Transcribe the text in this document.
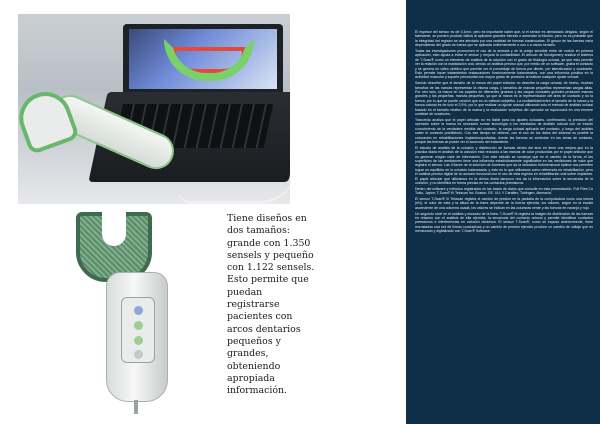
Tiene diseños en
dos tamaños:
grande con 1.350
sensels y pequeño
con 1.122 sensels.
Esto permite que
puedan registrarse
pacientes con
arcos dentarios
pequeños y
grandes,
obteniendo
apropiada
información.

El espesor del sensor es de 0,1mm, pero es importante saber que, si el sensor es demasiado delgado, según el fabricante, se pueden producir daños al aplicarse grandes fuerzas o aumentar la fricción, pero no es probable que la integridad del registro se vea afectado por una cantidad de fuerzas inadecuadas. El grosor de las fuerzas varía dependiendo del grado de fuerza que se aplicada uniformemente a uno o a varios sensels.

Todas las investigaciones promueven el uso de la sensela y de la cotejo sensible entre de noción en primera aplicación, esto ayuda a evitar el sensor y mejorar la confiabilidad. El artículo de Montgomery analiza el sistema de T-Scan® como un elemento de análisis de la oclusión con el grado de fisiología oclusal, ya que esto permite ver la relación con la masticación oral, siendo un análisis preciso que, por medio de un software, graba el contacto y se genera un video cinético que permite ver el porcentaje de fuerza por diente, por lateralización y cuadrante. Esto permite hacer tratamientos restauradores funcionalmente balanceados, con una influencia positiva en la actividad muscular y soporte periodontal con mayor grado de precisión al realizar cualquier ajuste oclusal.

Saviolo describe que el tamaño de la marca del papel articular no describe la carga oclusal, de hecho, muchas tamaños de las marcas representan la misma carga, y tamaños de marcas pequeñas representan cargas altas. Por otro lado, la marca en los papeles en diferentes gruesos y las cargas oclusales grandes producen marcas grandes y las pequeñas, marcas pequeñas, ya que la marca es la representación del área de contacto y no la fuerza, por lo que se puede concluir que es un método subjetivo. La confiabilidad entre el tamaño de la marca y la fuerza oclusal es de solo el 2,5%, por lo que realizar un ajuste oclusal utilizando solo el método de análisis oclusal basado en el tamaño relativo de la marca y la evaluación subjetiva del operador se equivocará en una enorme cantidad de ocasiones.

Trancredo analiza que el papel articular no es fiable para los ajustes oclusales, confirmando, la precisión del operador sobre la marca es necesario sumar tecnología a los resultados de análisis oclusal con un exacto conocimiento de la verdadera medida del contacto, la carga oclusal aplicada del contacto, y luego del análisis saber el contacto prohibitorio. Con ese tiempo se obtiene, con el uso de los datos del sistema es posible la colocación en rehabilitaciones implantosoportadas, donde las fuerzas se controlan en las áreas de contacto, porque las fuerzas se puede ver el acomodo del tratamiento.

El estudio de análisis de la oclusión y distribución de fuerzas dentro del arco en tiene una mejora que en la práctica diaria el análisis de la oclusión está reducido a las marcas de color producidas por el papel articular que no generan ningún valor de información. Con este estudio se concluye que en el cambio de la forma, el las superficies de las mediciones tiene una influencia estadísticamente significativa en las mediciones de valor que registra el sensor. Las ll llaves de la solución de Andrews que da la ubicación tridimensional óptima nos permiten lograr un equilibrio en la oclusión balanceada, y esto es lo que utilizamos como referencia en rehabilitación, pero el análisis preciso digital de la oclusión funcional con el uso de esta registro en rehabilitación oral sobre implantes. El papel articular que utilizamos en la clínica diaria tampoco nos da la información sobre la secuencia de la oclusión, y no identifica en forma precisa en los contactos prematuros.

Dentro del software y métodos registrados en las bases de datos que consulte en esta presentación. Full Files Co Tokio, Japón; T-Scan® III Tekscan Inc. Boston, EE. UU; Y Caraflex, Tubingen, Alemania.

El sensor T-Scan® III Tekscan registra el cambio de presión en la pantalla de la computadora como una fuerza (nN), el color de esta y la altura de la barra depende de la fuerza ejercida, los valores, según en la escala ascendente de una columna usada, los valores se indican en las columnas verde y las fuerzas en naranja y rojo.

Un segundo nivel en el análisis y escaneo de la línea. T-Scan® III registra la imagen de distribución de las fuerzas en relación con el análisis de ella ejercida, la secuencia del contacto oclusal y permite identificar contactos prematuros e interferencias en oclusión dinámica. El sensor T-Scan®, como se expuso anteriormente, tiene incrustados una red de líneas conductivas y un cambio de presión ejercido produce un cambio de voltaje que es mensurado y digitalizado con T-Scan® Software.
